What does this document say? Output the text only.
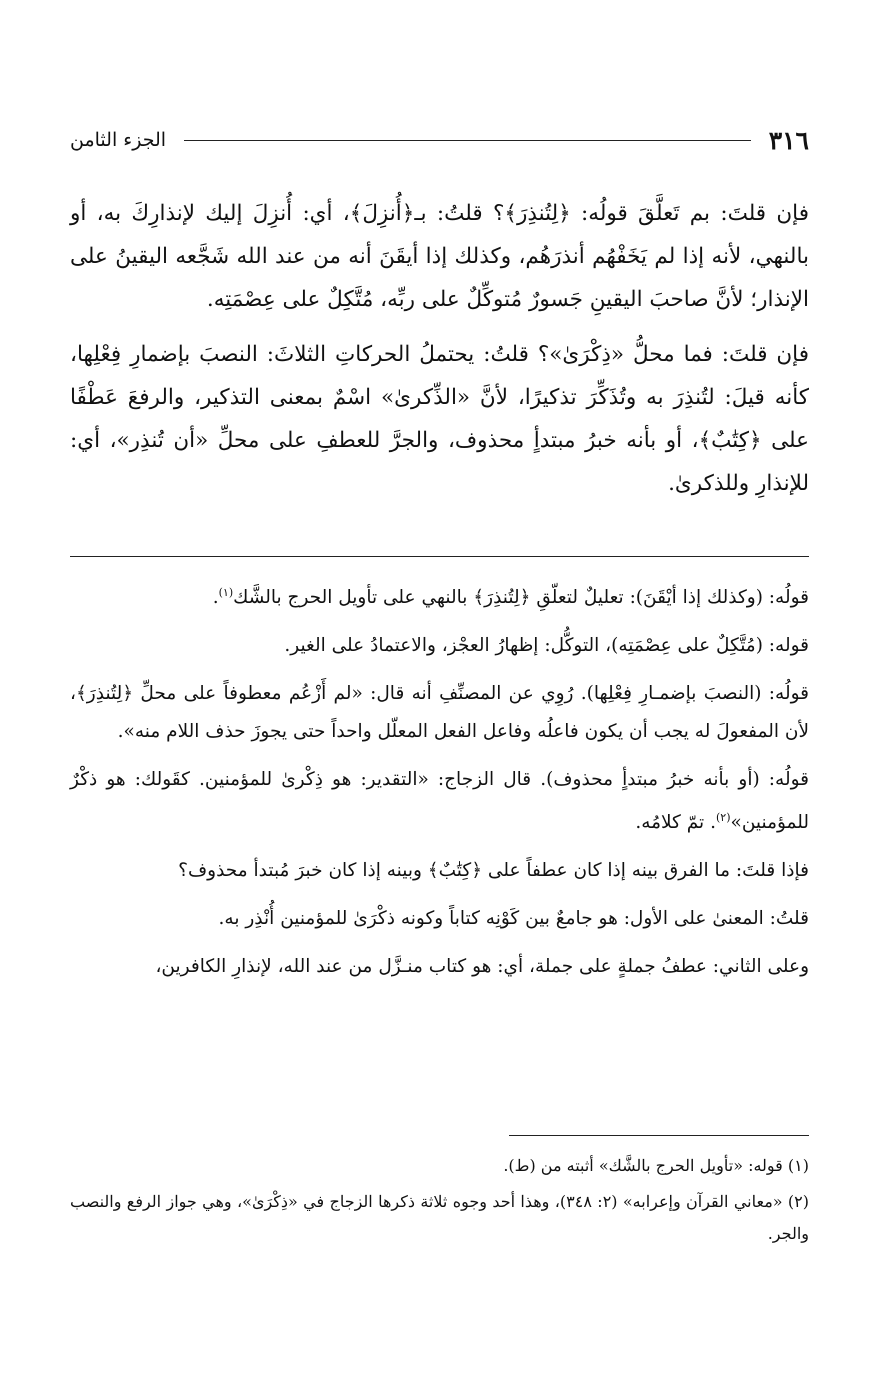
٣١٦
الجزء الثامن

فإن قلتَ: بم تَعلَّقَ قولُه: ﴿لِتُنذِرَ﴾؟ قلتُ: بـ﴿أُنزِلَ﴾، أي: أُنزِلَ إليك لإنذارِكَ به، أو بالنهي، لأنه إذا لم يَخَفْهُم أنذرَهُم، وكذلك إذا أيقَنَ أنه من عند الله شَجَّعه اليقينُ على الإنذار؛ لأنَّ صاحبَ اليقينِ جَسورٌ مُتوكِّلٌ على ربِّه، مُتَّكِلٌ على عِصْمَتِه.

فإن قلتَ: فما محلُّ «ذِكْرَىٰ»؟ قلتُ: يحتملُ الحركاتِ الثلاثَ: النصبَ بإضمارِ فِعْلِها، كأنه قيلَ: لتُنذِرَ به وتُذَكِّرَ تذكيرًا، لأنَّ «الذِّكرىٰ» اسْمٌ بمعنى التذكير، والرفعَ عَطْفًا على ﴿كِتَٰبٌ﴾، أو بأنه خبرُ مبتدأٍ محذوف، والجرَّ للعطفِ على محلِّ «أن تُنذِر»، أي: للإنذارِ وللذكرىٰ.

قولُه: (وكذلك إذا أيْقَنَ): تعليلٌ لتعلّقِ ﴿لِتُنذِرَ﴾ بالنهي على تأويل الحرج بالشَّك$^{(١)}$.

قوله: (مُتَّكِلٌ على عِصْمَتِه)، التوكُّل: إظهارُ العجْز، والاعتمادُ على الغير.

قولُه: (النصبَ بإضمـارِ فِعْلِها). رُوِي عن المصنِّفِ أنه قال: «لم أَزْعُم معطوفاً على محلِّ ﴿لِتُنذِرَ﴾، لأن المفعولَ له يجب أن يكون فاعلُه وفاعل الفعل المعلّل واحداً حتى يجوزَ حذف اللام منه».

قولُه: (أو بأنه خبرُ مبتدأٍ محذوف). قال الزجاج: «التقدير: هو ذِكْرىٰ للمؤمنين. كقَولك: هو ذكْرٌ للمؤمنين»$^{(٢)}$. تمّ كلامُه.

فإذا قلتَ: ما الفرق بينه إذا كان عطفاً على ﴿كِتَٰبٌ﴾ وبينه إذا كان خبرَ مُبتدأ محذوف؟

قلتُ: المعنىٰ على الأول: هو جامعٌ بين كَوْنِه كتاباً وكونه ذكْرَىٰ للمؤمنين أُنْذِر به.

وعلى الثاني: عطفُ جملةٍ على جملة، أي: هو كتاب منـزَّل من عند الله، لإنذارِ الكافرين،

(١) قوله: «تأويل الحرج بالشَّك» أثبته من (ط).

(٢) «معاني القرآن وإعرابه» (٢: ٣٤٨)، وهذا أحد وجوه ثلاثة ذكرها الزجاج في «ذِكْرَىٰ»، وهي جواز الرفع والنصب والجر.
